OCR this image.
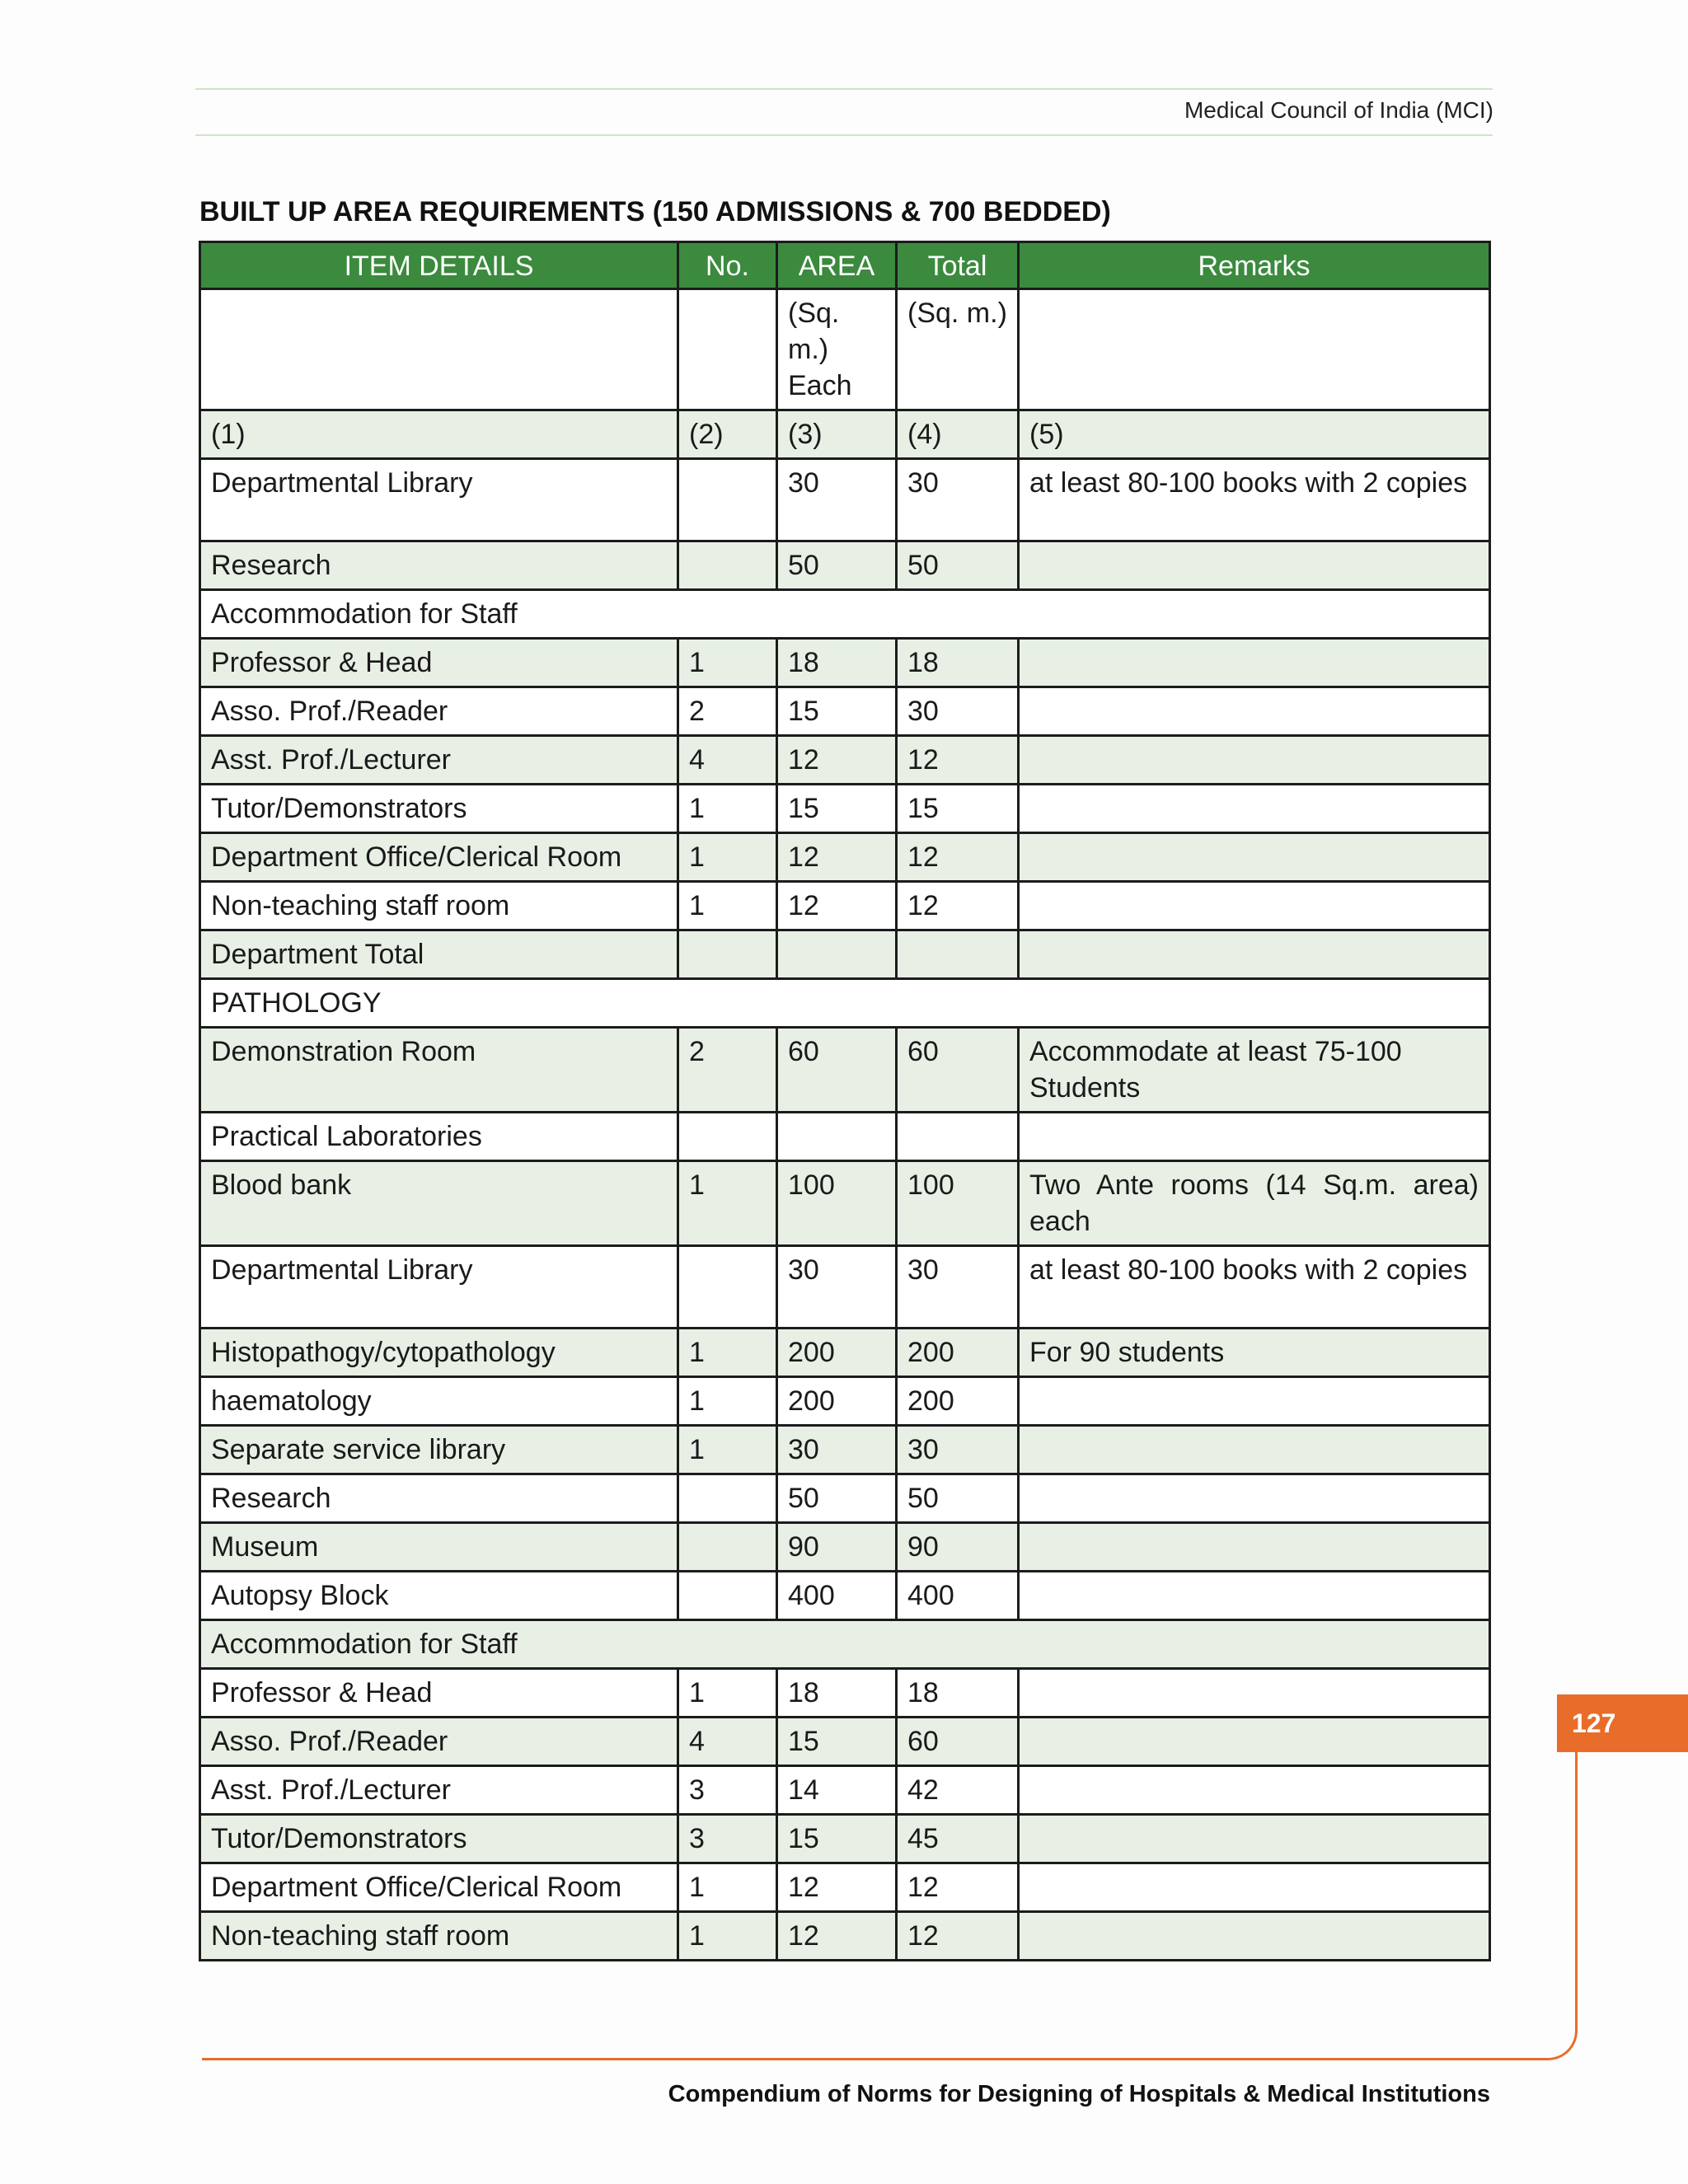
Medical Council of India (MCI)
BUILT UP AREA REQUIREMENTS (150 ADMISSIONS & 700 BEDDED)
ITEM DETAILS	No.	AREA	Total	Remarks
		(Sq. m.) Each	(Sq. m.)	
(1)	(2)	(3)	(4)	(5)
Departmental Library		30	30	at least 80-100 books with 2 copies
Research		50	50	
Accommodation for Staff				
Professor & Head	1	18	18	
Asso. Prof./Reader	2	15	30	
Asst. Prof./Lecturer	4	12	12	
Tutor/Demonstrators	1	15	15	
Department Office/Clerical Room	1	12	12	
Non-teaching staff room	1	12	12	
Department Total				
PATHOLOGY				
Demonstration Room	2	60	60	Accommodate at least 75-100 Students
Practical Laboratories				
Blood bank	1	100	100	Two Ante rooms (14 Sq.m. area) each
Departmental Library		30	30	at least 80-100 books with 2 copies
Histopathogy/cytopathology	1	200	200	For 90 students
haematology	1	200	200	
Separate service library	1	30	30	
Research		50	50	
Museum		90	90	
Autopsy Block		400	400	
Accommodation for Staff				
Professor & Head	1	18	18	
Asso. Prof./Reader	4	15	60	
Asst. Prof./Lecturer	3	14	42	
Tutor/Demonstrators	3	15	45	
Department Office/Clerical Room	1	12	12	
Non-teaching staff room	1	12	12	
127
Compendium of Norms for Designing of Hospitals & Medical Institutions
